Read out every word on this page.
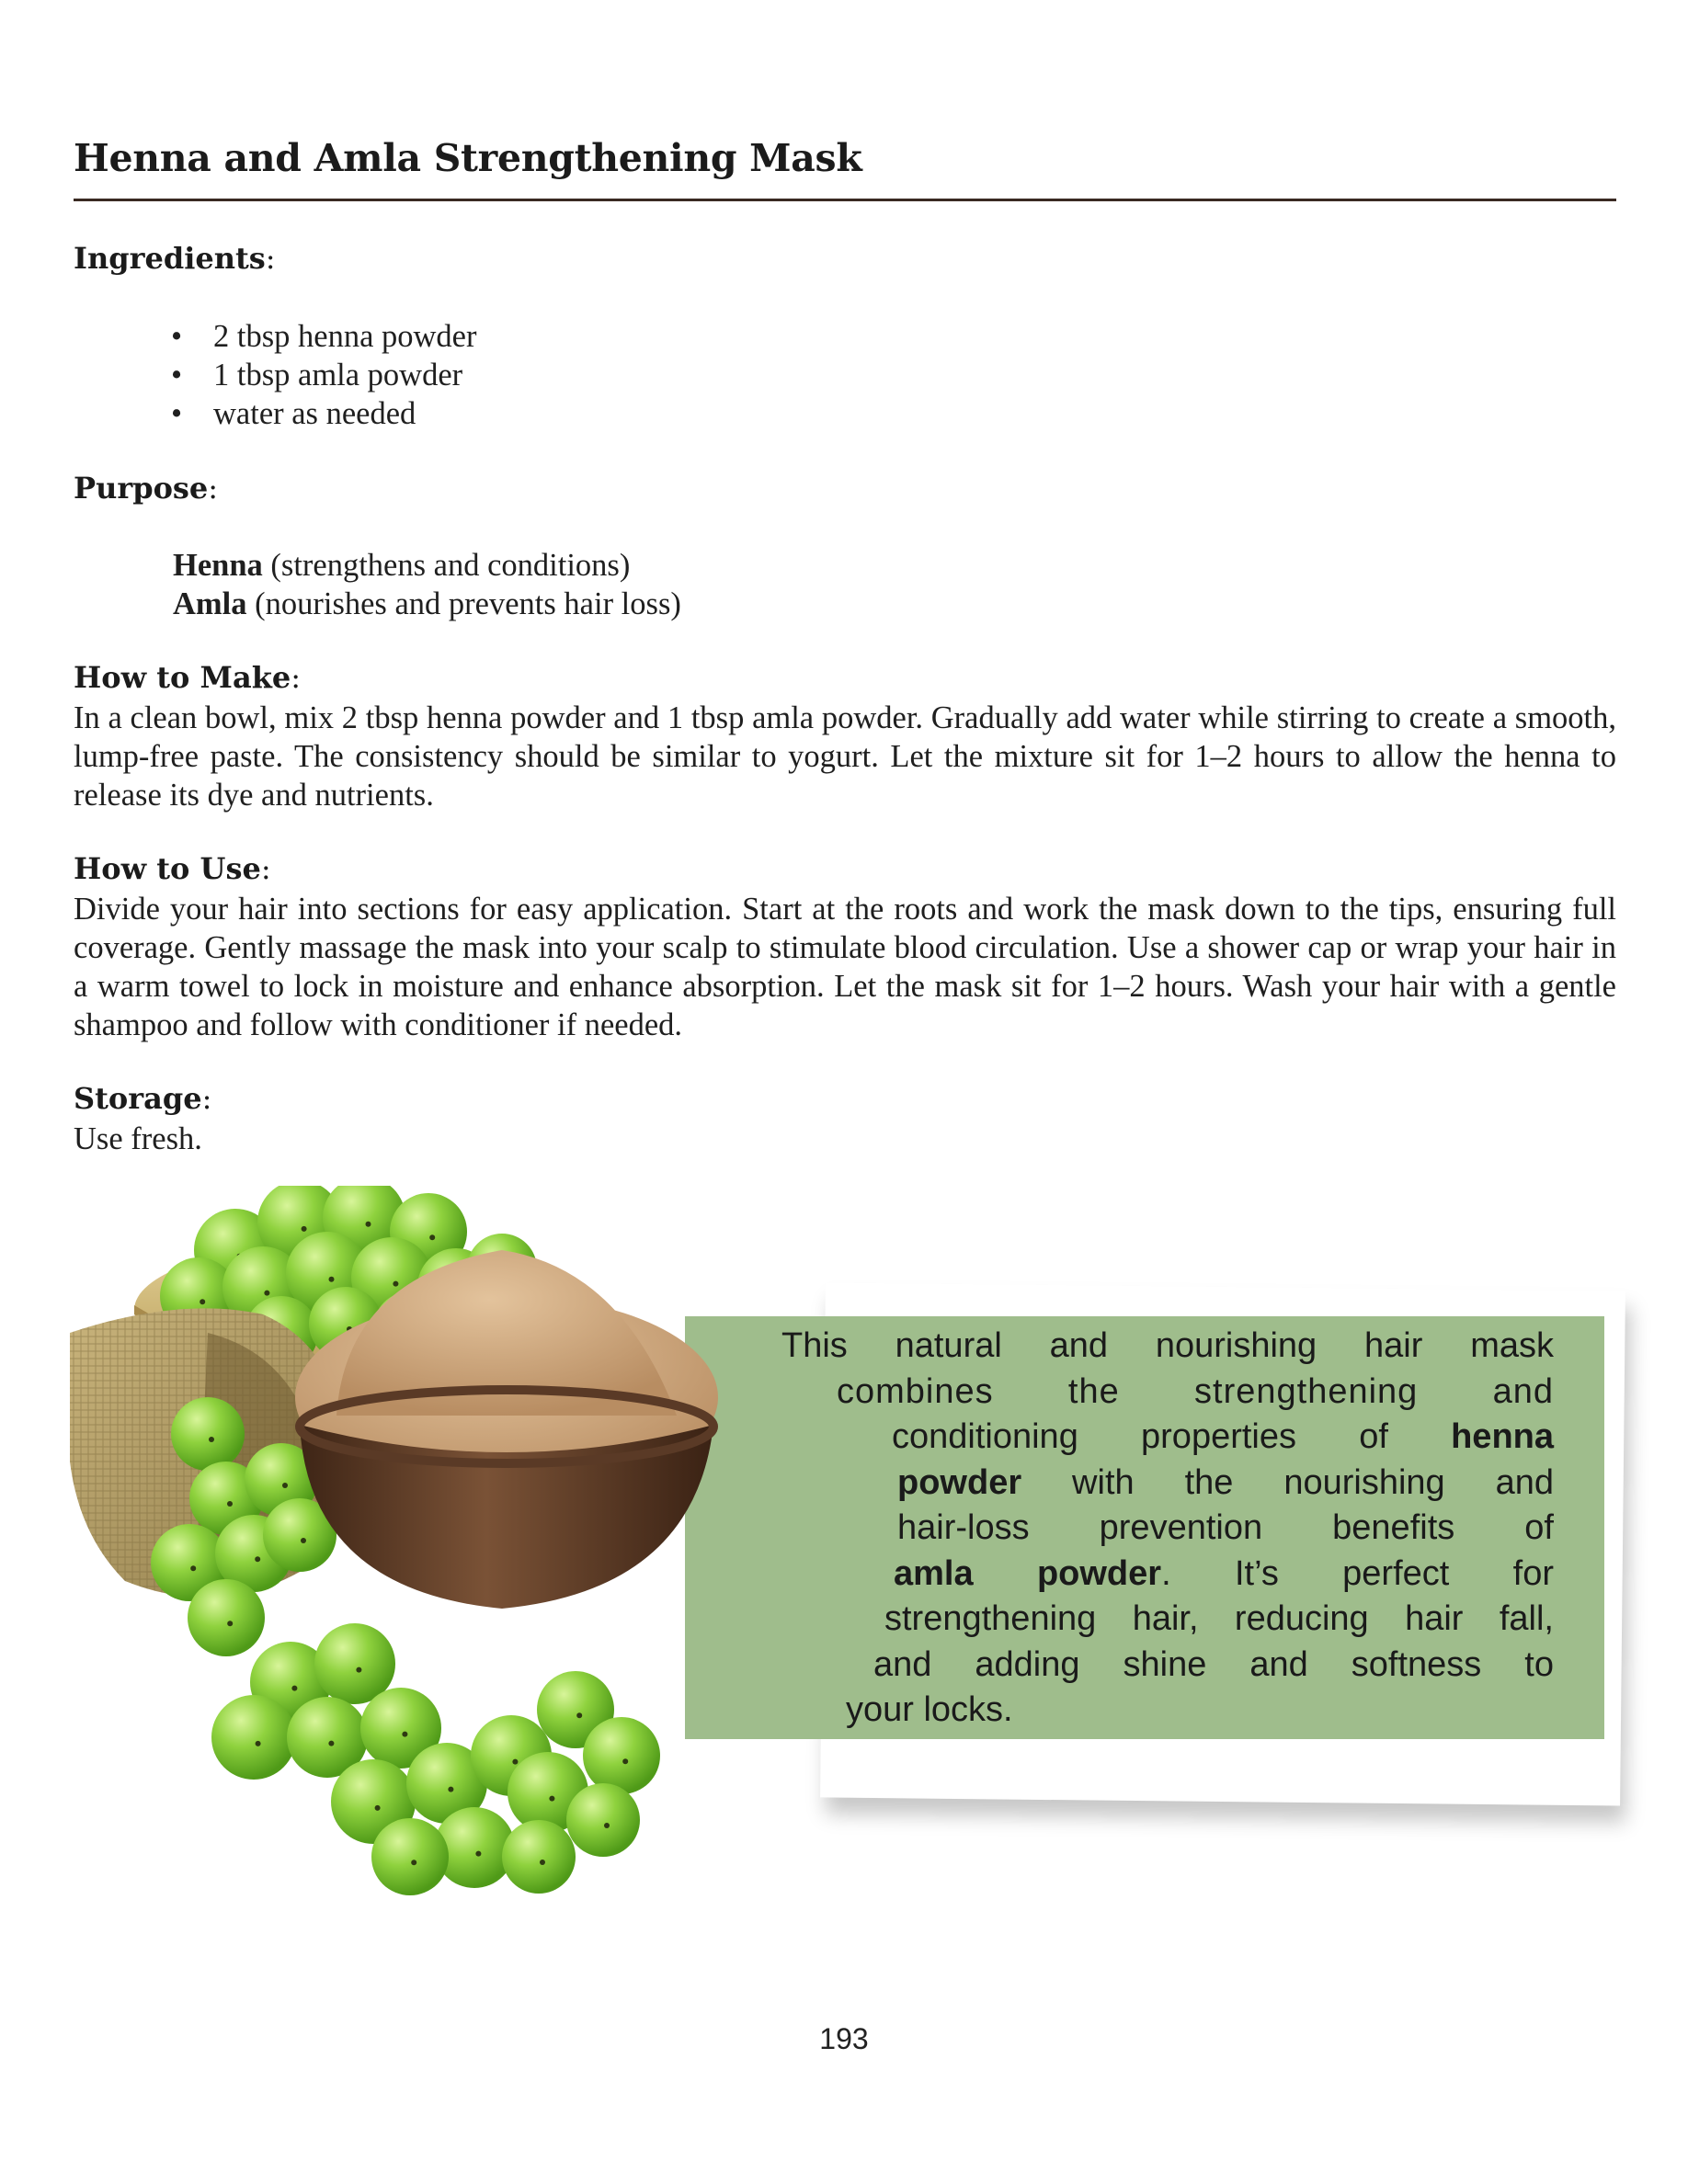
Henna and Amla Strengthening Mask
Ingredients:
• 2 tbsp henna powder
• 1 tbsp amla powder
• water as needed
Purpose:
Henna (strengthens and conditions)
Amla (nourishes and prevents hair loss)
How to Make:
In a clean bowl, mix 2 tbsp henna powder and 1 tbsp amla powder. Gradually add water while stirring to create a smooth, lump-free paste. The consistency should be similar to yogurt. Let the mixture sit for 1–2 hours to allow the henna to release its dye and nutrients.
How to Use:
Divide your hair into sections for easy application. Start at the roots and work the mask down to the tips, ensuring full coverage. Gently massage the mask into your scalp to stimulate blood circulation. Use a shower cap or wrap your hair in a warm towel to lock in moisture and enhance absorption. Let the mask sit for 1–2 hours. Wash your hair with a gentle shampoo and follow with conditioner if needed.
Storage:
Use fresh.
This natural and nourishing hair mask
combines the strengthening and
conditioning properties of henna
powder with the nourishing and
hair-loss prevention benefits of
amla powder. It’s perfect for
strengthening hair, reducing hair fall,
and adding shine and softness to
your locks.
193
